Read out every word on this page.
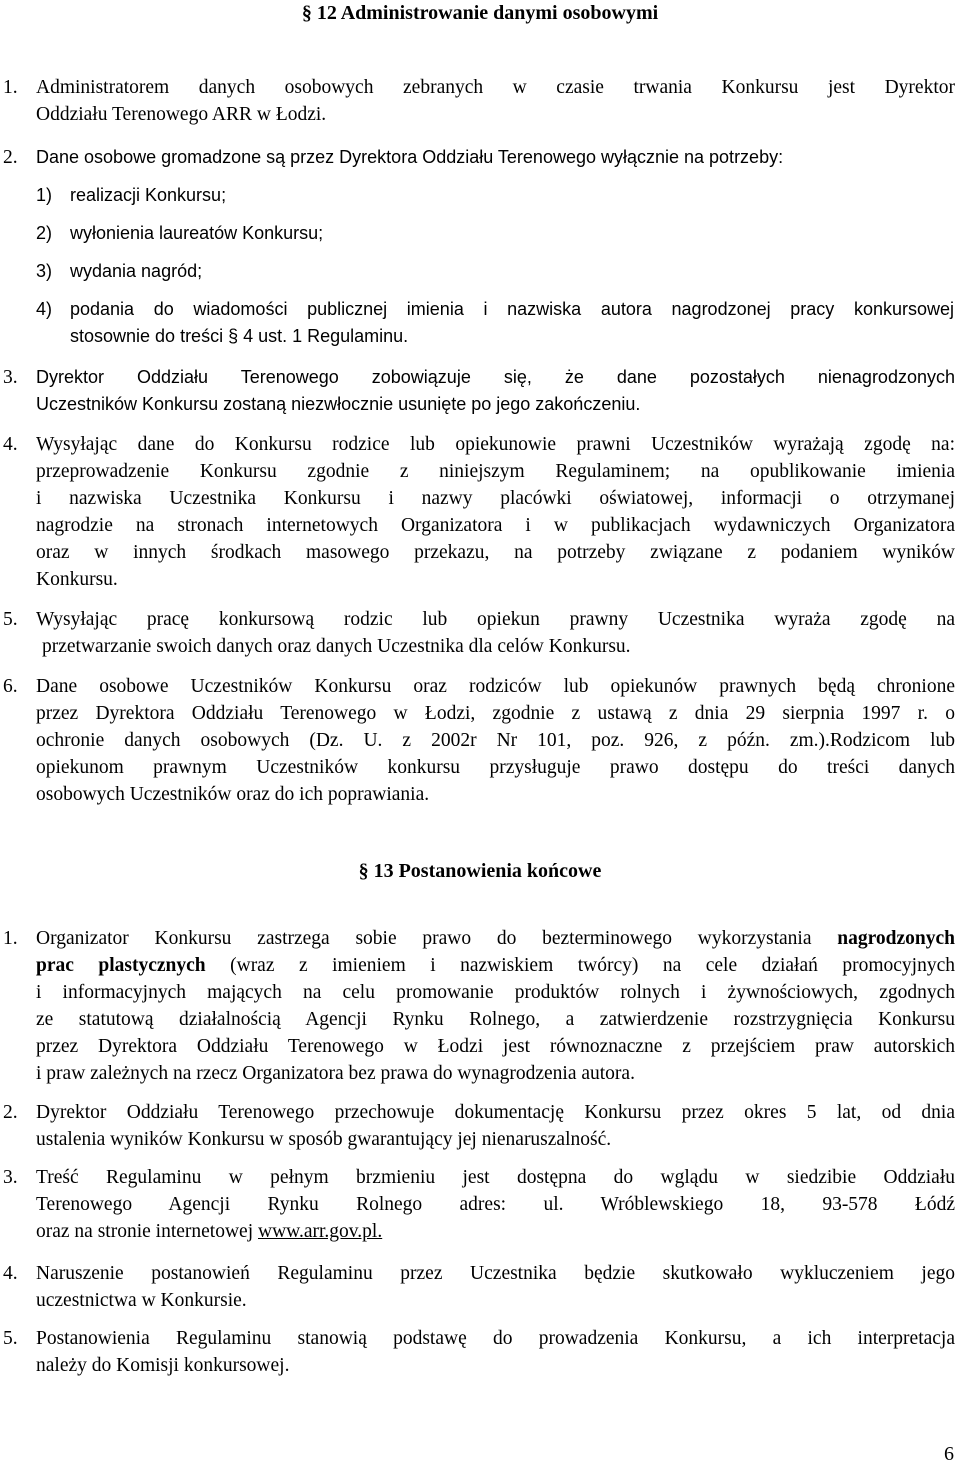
§ 12 Administrowanie danymi osobowymi
1. Administratorem danych osobowych zebranych w czasie trwania Konkursu jest Dyrektor
Oddziału Terenowego ARR w Łodzi.
2. Dane osobowe gromadzone są przez Dyrektora Oddziału Terenowego wyłącznie na potrzeby:
1) realizacji Konkursu;
2) wyłonienia laureatów Konkursu;
3) wydania nagród;
4) podania do wiadomości publicznej imienia i nazwiska autora nagrodzonej pracy konkursowej
stosownie do treści § 4 ust. 1 Regulaminu.
3. Dyrektor Oddziału Terenowego zobowiązuje się, że dane pozostałych nienagrodzonych
Uczestników Konkursu zostaną niezwłocznie usunięte po jego zakończeniu.
4. Wysyłając dane do Konkursu rodzice lub opiekunowie prawni Uczestników wyrażają zgodę na:
przeprowadzenie Konkursu zgodnie z niniejszym Regulaminem; na opublikowanie imienia
i nazwiska Uczestnika Konkursu i nazwy placówki oświatowej, informacji o otrzymanej
nagrodzie na stronach internetowych Organizatora i w publikacjach wydawniczych Organizatora
oraz w innych środkach masowego przekazu, na potrzeby związane z podaniem wyników
Konkursu.
5. Wysyłając pracę konkursową rodzic lub opiekun prawny Uczestnika wyraża zgodę na
przetwarzanie swoich danych oraz danych Uczestnika dla celów Konkursu.
6. Dane osobowe Uczestników Konkursu oraz rodziców lub opiekunów prawnych będą chronione
przez Dyrektora Oddziału Terenowego w Łodzi, zgodnie z ustawą z dnia 29 sierpnia 1997 r. o
ochronie danych osobowych (Dz. U. z 2002r Nr 101, poz. 926, z późn. zm.).Rodzicom lub
opiekunom prawnym Uczestników konkursu przysługuje prawo dostępu do treści danych
osobowych Uczestników oraz do ich poprawiania.
§ 13 Postanowienia końcowe
1. Organizator Konkursu zastrzega sobie prawo do bezterminowego wykorzystania nagrodzonych
prac plastycznych (wraz z imieniem i nazwiskiem twórcy) na cele działań promocyjnych
i informacyjnych mających na celu promowanie produktów rolnych i żywnościowych, zgodnych
ze statutową działalnością Agencji Rynku Rolnego, a zatwierdzenie rozstrzygnięcia Konkursu
przez Dyrektora Oddziału Terenowego w Łodzi jest równoznaczne z przejściem praw autorskich
i praw zależnych na rzecz Organizatora bez prawa do wynagrodzenia autora.
2. Dyrektor Oddziału Terenowego przechowuje dokumentację Konkursu przez okres 5 lat, od dnia
ustalenia wyników Konkursu w sposób gwarantujący jej nienaruszalność.
3. Treść Regulaminu w pełnym brzmieniu jest dostępna do wglądu w siedzibie Oddziału
Terenowego Agencji Rynku Rolnego adres: ul. Wróblewskiego 18, 93-578 Łódź
oraz na stronie internetowej www.arr.gov.pl.
4. Naruszenie postanowień Regulaminu przez Uczestnika będzie skutkowało wykluczeniem jego
uczestnictwa w Konkursie.
5. Postanowienia Regulaminu stanowią podstawę do prowadzenia Konkursu, a ich interpretacja
należy do Komisji konkursowej.
6
